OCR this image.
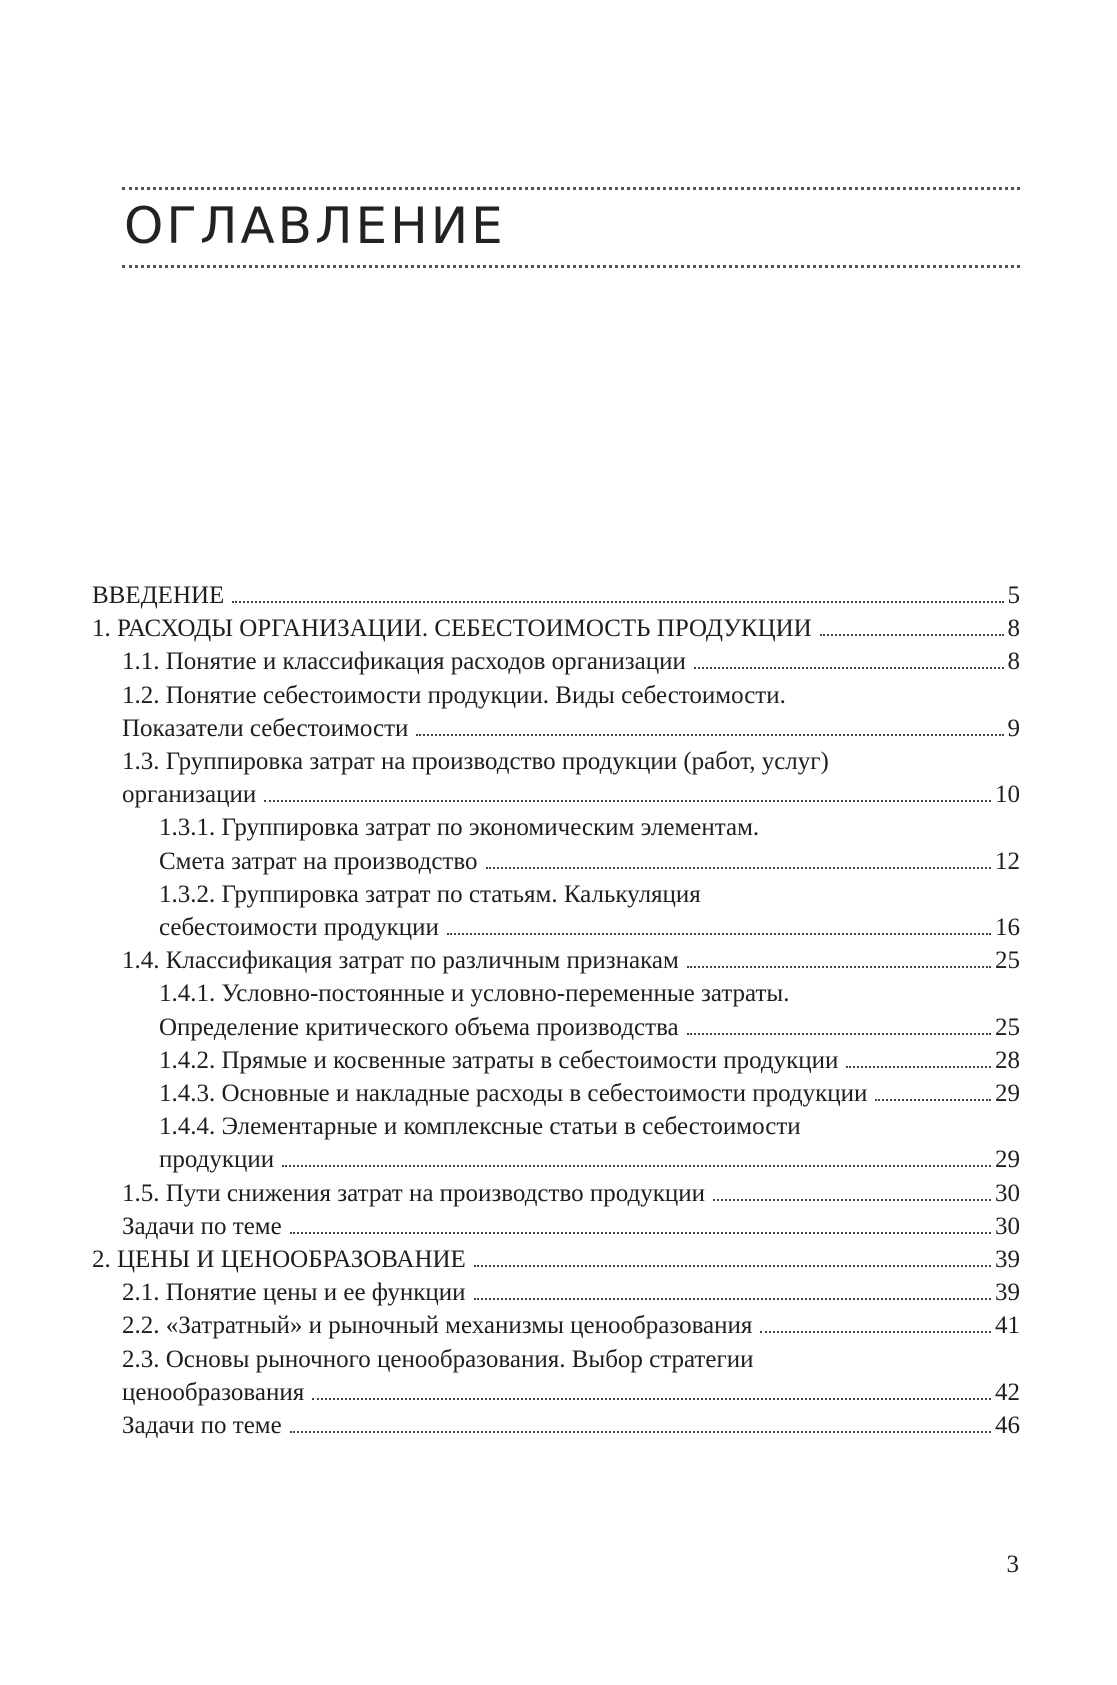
ОГЛАВЛЕНИЕ
ВВЕДЕНИЕ	5
1. РАСХОДЫ ОРГАНИЗАЦИИ. СЕБЕСТОИМОСТЬ ПРОДУКЦИИ	8
1.1. Понятие и классификация расходов организации	8
1.2. Понятие себестоимости продукции. Виды себестоимости.
Показатели себестоимости	9
1.3. Группировка затрат на производство продукции (работ, услуг)
организации	10
1.3.1. Группировка затрат по экономическим элементам.
Смета затрат на производство	12
1.3.2. Группировка затрат по статьям. Калькуляция
себестоимости продукции	16
1.4. Классификация затрат по различным признакам	25
1.4.1. Условно-постоянные и условно-переменные затраты.
Определение критического объема производства	25
1.4.2. Прямые и косвенные затраты в себестоимости продукции	28
1.4.3. Основные и накладные расходы в себестоимости продукции	29
1.4.4. Элементарные и комплексные статьи в себестоимости
продукции	29
1.5. Пути снижения затрат на производство продукции	30
Задачи по теме	30
2. ЦЕНЫ И ЦЕНООБРАЗОВАНИЕ	39
2.1. Понятие цены и ее функции	39
2.2. «Затратный» и рыночный механизмы ценообразования	41
2.3. Основы рыночного ценообразования. Выбор стратегии
ценообразования	42
Задачи по теме	46
3
